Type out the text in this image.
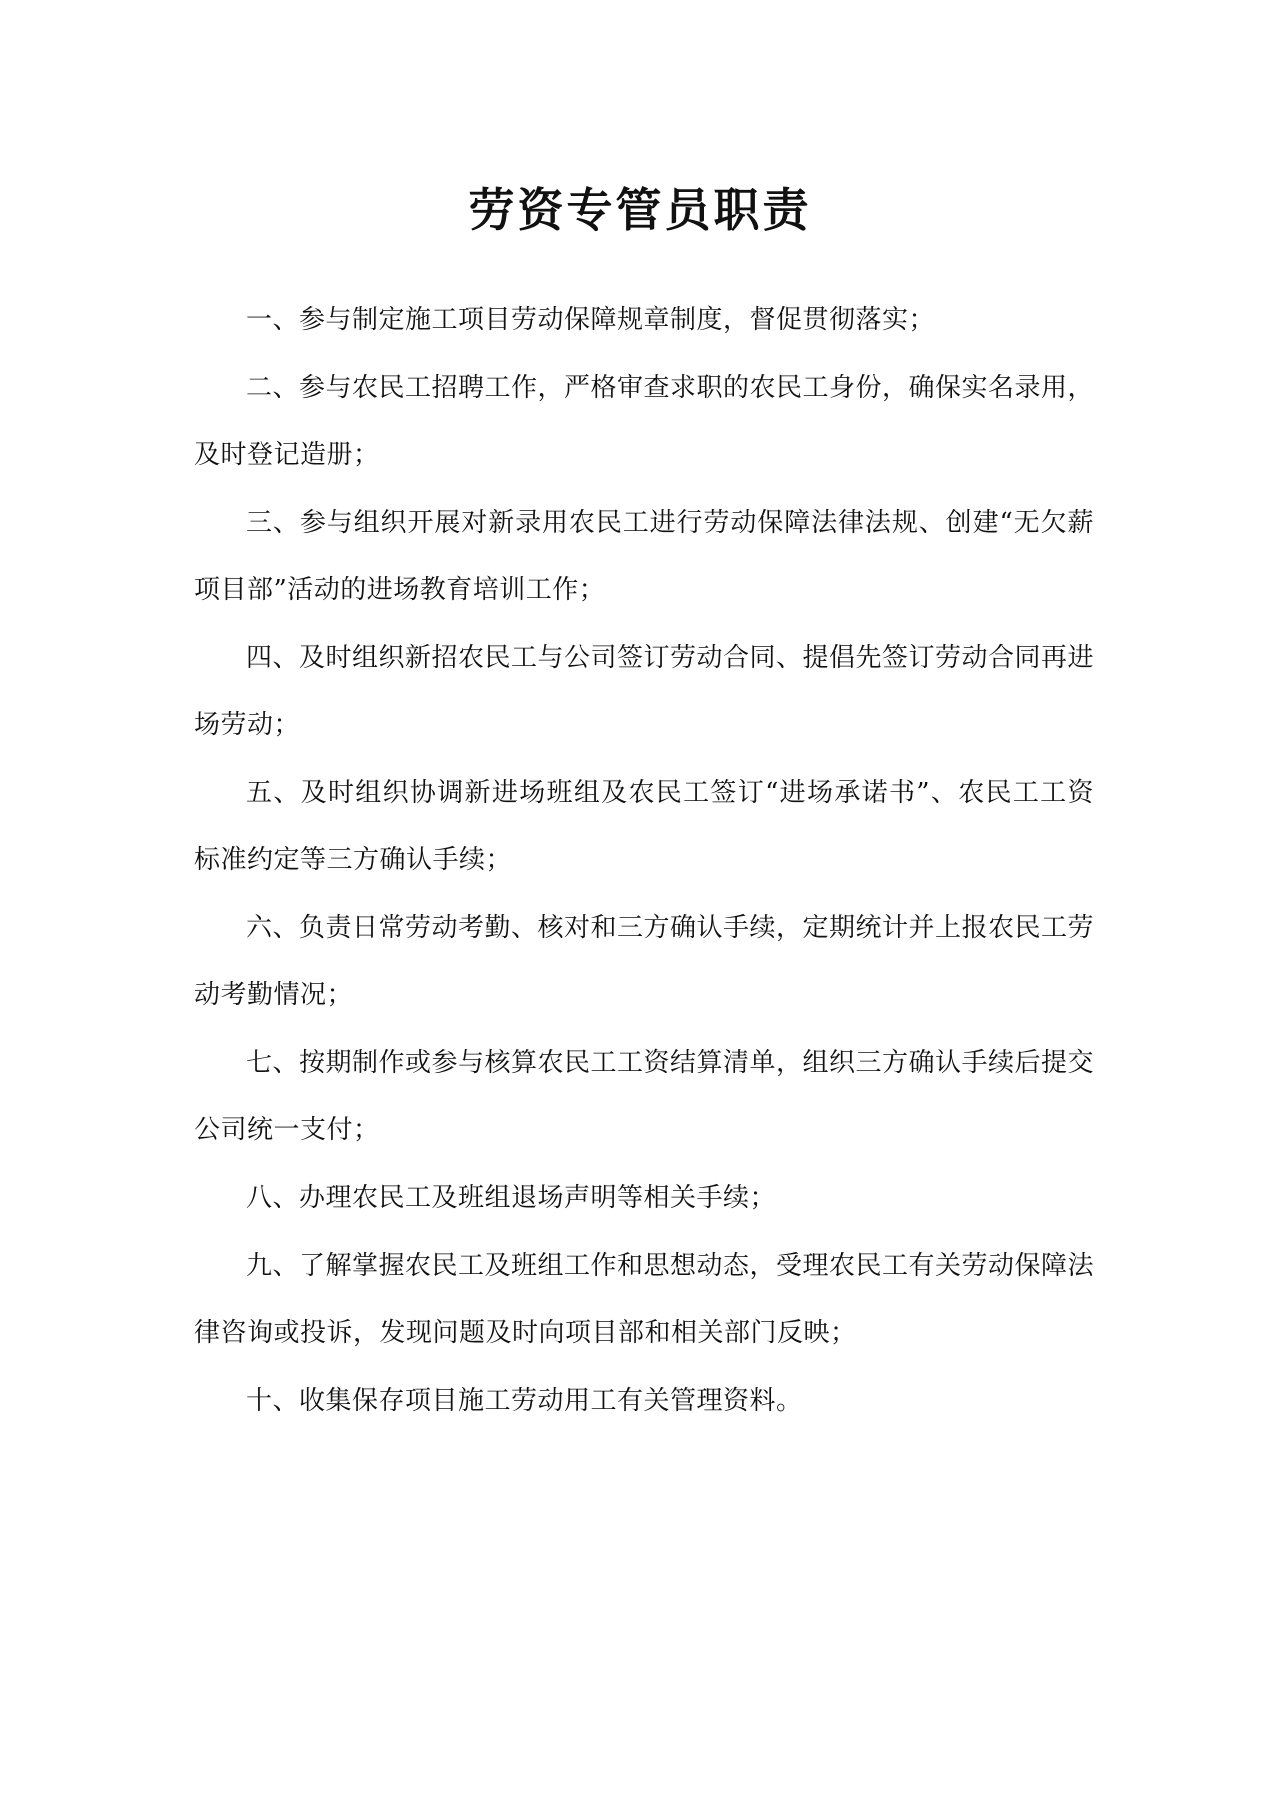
劳资专管员职责

一、参与制定施工项目劳动保障规章制度，督促贯彻落实；

二、参与农民工招聘工作，严格审查求职的农民工身份，确保实名录用，及时登记造册；

三、参与组织开展对新录用农民工进行劳动保障法律法规、创建“无欠薪项目部”活动的进场教育培训工作；

四、及时组织新招农民工与公司签订劳动合同、提倡先签订劳动合同再进场劳动；

五、及时组织协调新进场班组及农民工签订“进场承诺书”、农民工工资标准约定等三方确认手续；

六、负责日常劳动考勤、核对和三方确认手续，定期统计并上报农民工劳动考勤情况；

七、按期制作或参与核算农民工工资结算清单，组织三方确认手续后提交公司统一支付；

八、办理农民工及班组退场声明等相关手续；

九、了解掌握农民工及班组工作和思想动态，受理农民工有关劳动保障法律咨询或投诉，发现问题及时向项目部和相关部门反映；

十、收集保存项目施工劳动用工有关管理资料。
